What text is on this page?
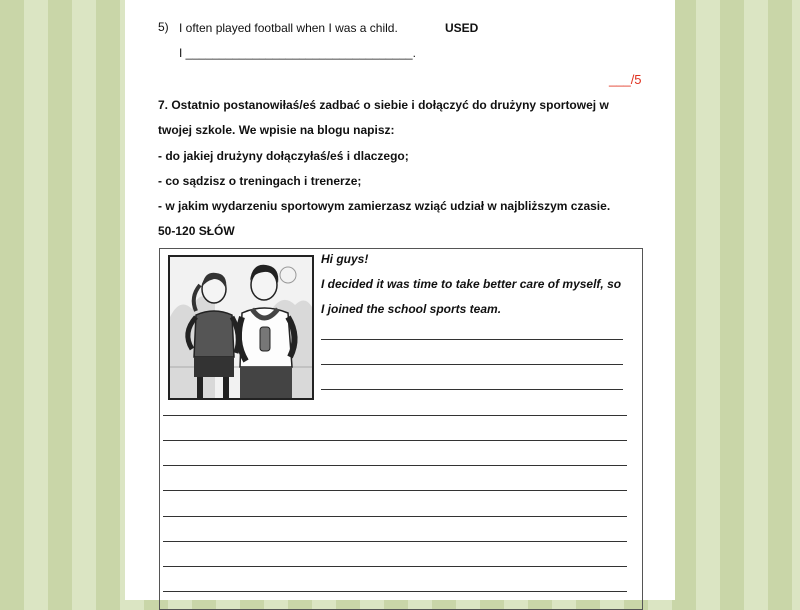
5) I often played football when I was a child.	USED
I __________________________________.
___/5
7. Ostatnio postanowiłaś/eś zadbać o siebie i dołączyć do drużyny sportowej w
twojej szkole. We wpisie na blogu napisz:
- do jakiej drużyny dołączyłaś/eś i dlaczego;
- co sądzisz o treningach i trenerze;
- w jakim wydarzeniu sportowym zamierzasz wziąć udział w najbliższym czasie.
50-120 SŁÓW
Hi guys!
I decided it was time to take better care of myself, so
I joined the school sports team.
